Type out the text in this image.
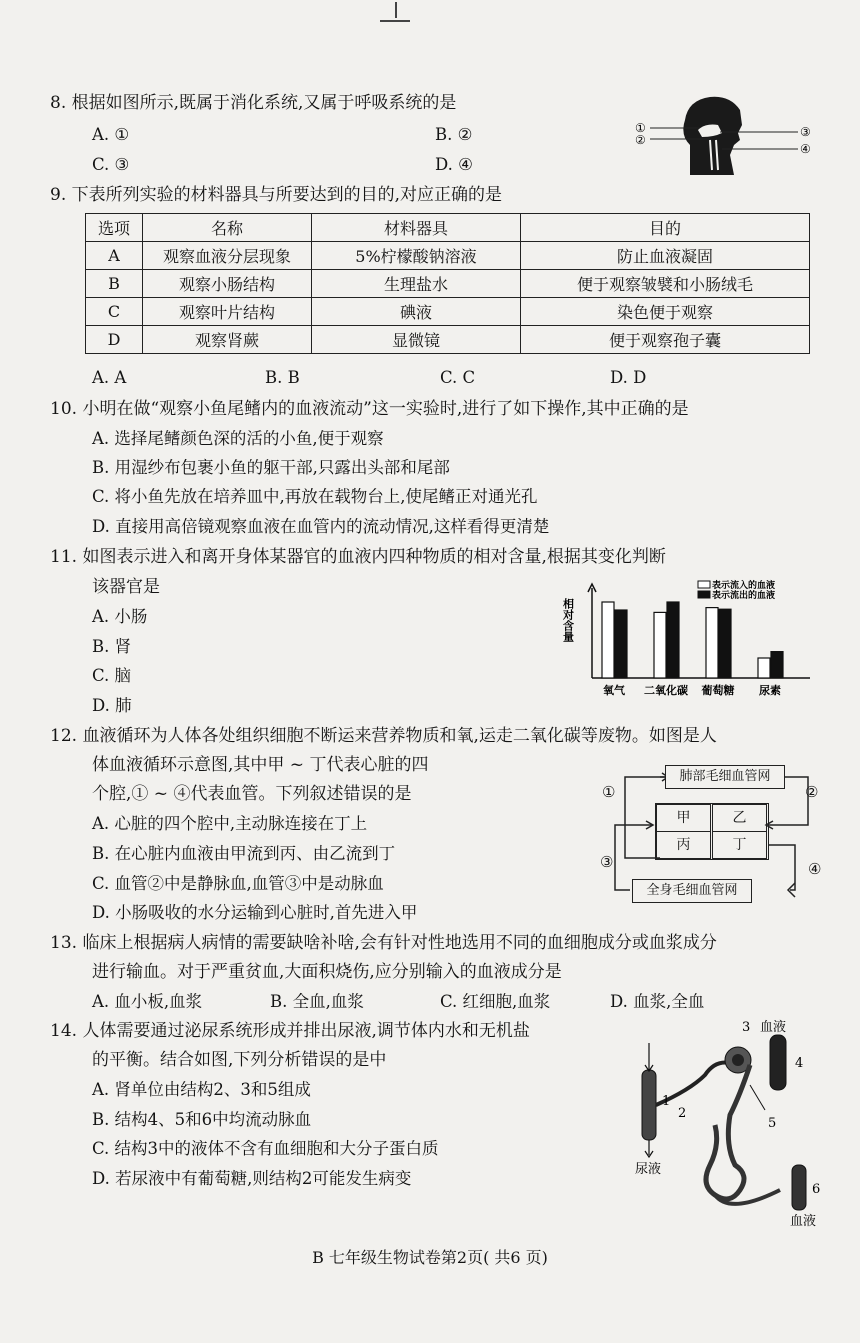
8. 根据如图所示,既属于消化系统,又属于呼吸系统的是
A. ①	B. ②
C. ③	D. ④
①
②
③
④
9. 下表所列实验的材料器具与所要达到的目的,对应正确的是
选项	名称	材料器具	目的
A	观察血液分层现象	5%柠檬酸钠溶液	防止血液凝固
B	观察小肠结构	生理盐水	便于观察皱襞和小肠绒毛
C	观察叶片结构	碘液	染色便于观察
D	观察肾蕨	显微镜	便于观察孢子囊
A. A	B. B	C. C	D. D
10. 小明在做“观察小鱼尾鳍内的血液流动”这一实验时,进行了如下操作,其中正确的是
A. 选择尾鳍颜色深的活的小鱼,便于观察
B. 用湿纱布包裹小鱼的躯干部,只露出头部和尾部
C. 将小鱼先放在培养皿中,再放在载物台上,使尾鳍正对通光孔
D. 直接用高倍镜观察血液在血管内的流动情况,这样看得更清楚
11. 如图表示进入和离开身体某器官的血液内四种物质的相对含量,根据其变化判断
该器官是
A. 小肠
B. 肾
C. 脑
D. 肺
相对含量
氧气 二氧化碳 葡萄糖 尿素
表示流入的血液
表示流出的血液
12. 血液循环为人体各处组织细胞不断运来营养物质和氧,运走二氧化碳等废物。如图是人
体血液循环示意图,其中甲 ~ 丁代表心脏的四
个腔,① ~ ④代表血管。下列叙述错误的是
A. 心脏的四个腔中,主动脉连接在丁上
B. 在心脏内血液由甲流到丙、由乙流到丁
C. 血管②中是静脉血,血管③中是动脉血
D. 小肠吸收的水分运输到心脏时,首先进入甲
肺部毛细血管网
全身毛细血管网
甲	乙
丙	丁
①	②
③	④
13. 临床上根据病人病情的需要缺啥补啥,会有针对性地选用不同的血细胞成分或血浆成分
进行输血。对于严重贫血,大面积烧伤,应分别输入的血液成分是
A. 血小板,血浆	B. 全血,血浆	C. 红细胞,血浆	D. 血浆,全血
14. 人体需要通过泌尿系统形成并排出尿液,调节体内水和无机盐
的平衡。结合如图,下列分析错误的是中
A. 肾单位由结构2、3和5组成
B. 结构4、5和6中均流动脉血
C. 结构3中的液体不含有血细胞和大分子蛋白质
D. 若尿液中有葡萄糖,则结构2可能发生病变
1
2
3 血液
4
5
尿液
6
血液
B 七年级生物试卷第2页( 共6 页)
